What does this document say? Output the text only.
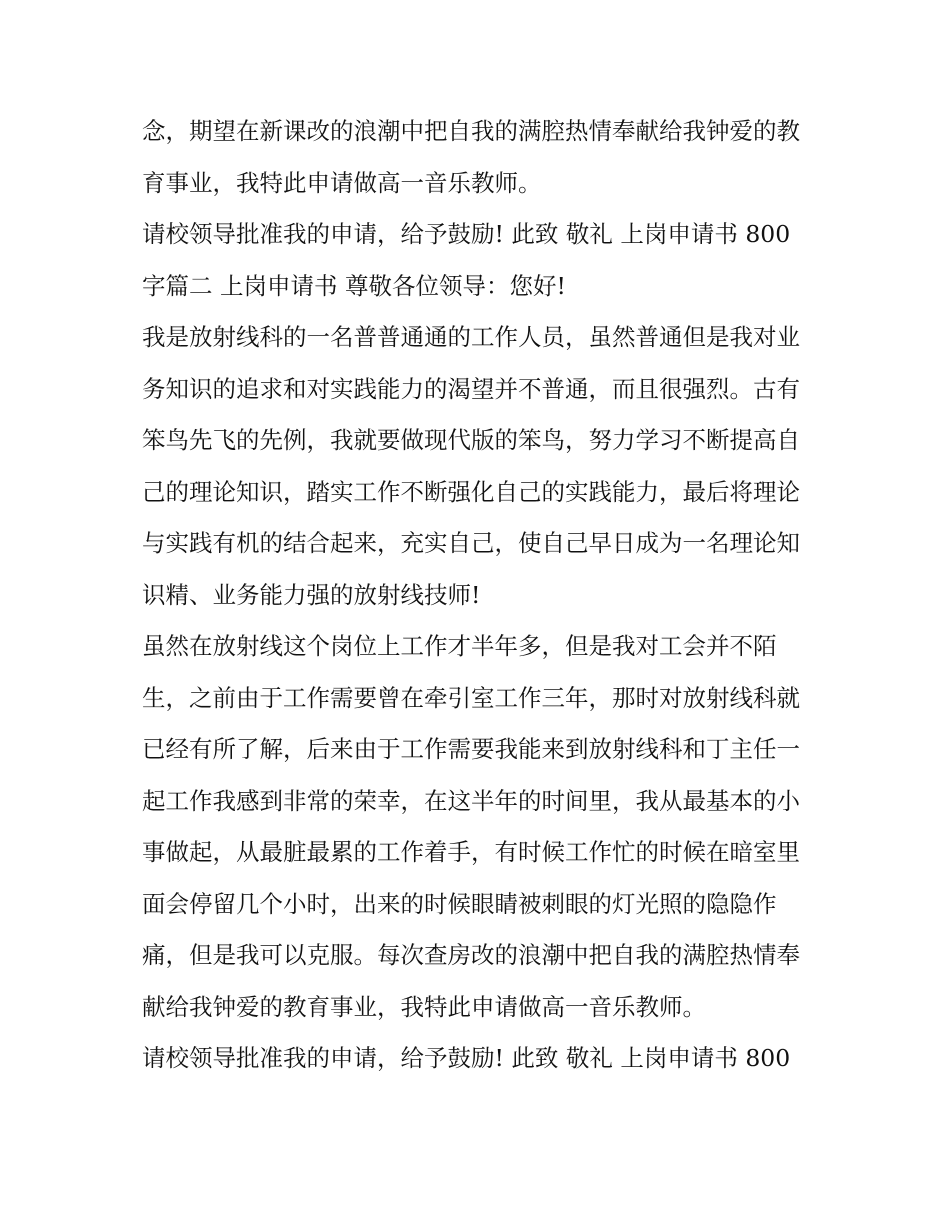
念，期望在新课改的浪潮中把自我的满腔热情奉献给我钟爱的教育事业，我特此申请做高一音乐教师。

请校领导批准我的申请，给予鼓励! 此致 敬礼 上岗申请书 800 字篇二 上岗申请书 尊敬各位领导：您好!

我是放射线科的一名普普通通的工作人员，虽然普通但是我对业务知识的追求和对实践能力的渴望并不普通，而且很强烈。古有笨鸟先飞的先例，我就要做现代版的笨鸟，努力学习不断提高自己的理论知识，踏实工作不断强化自己的实践能力，最后将理论与实践有机的结合起来，充实自己，使自己早日成为一名理论知识精、业务能力强的放射线技师!

虽然在放射线这个岗位上工作才半年多，但是我对工会并不陌生，之前由于工作需要曾在牵引室工作三年，那时对放射线科就已经有所了解，后来由于工作需要我能来到放射线科和丁主任一起工作我感到非常的荣幸，在这半年的时间里，我从最基本的小事做起，从最脏最累的工作着手，有时候工作忙的时候在暗室里面会停留几个小时，出来的时候眼睛被刺眼的灯光照的隐隐作痛，但是我可以克服。每次查房改的浪潮中把自我的满腔热情奉献给我钟爱的教育事业，我特此申请做高一音乐教师。

请校领导批准我的申请，给予鼓励! 此致 敬礼 上岗申请书 800
